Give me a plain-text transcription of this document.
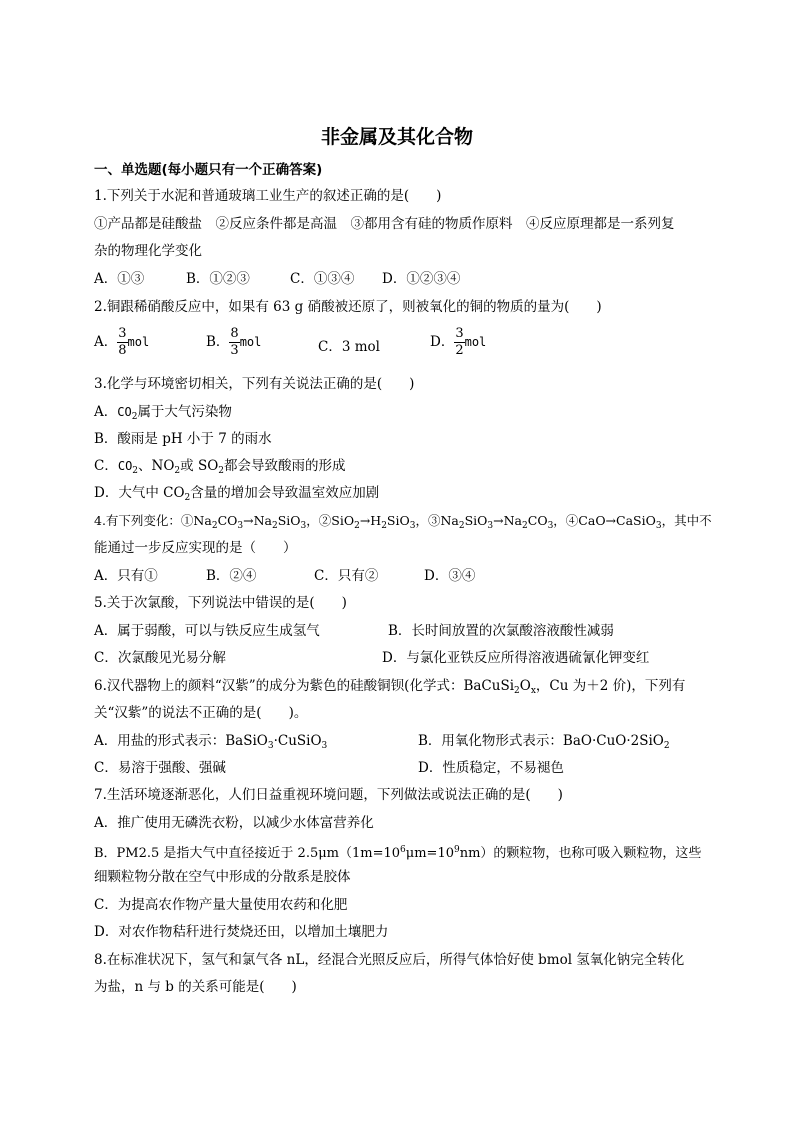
非金属及其化合物
一、单选题(每小题只有一个正确答案)
1.下列关于水泥和普通玻璃工业生产的叙述正确的是(　　)
①产品都是硅酸盐　②反应条件都是高温　③都用含有硅的物质作原料　④反应原理都是一系列复
杂的物理化学变化
A．①③	B．①②③	C．①③④ D．①②③④
2.铜跟稀硝酸反应中，如果有 63 g 硝酸被还原了，则被氧化的铜的物质的量为(　　)
A． $\frac{3}{8}$ mol	B． $\frac{8}{3}$ mol	C．3 mol	D． $\frac{3}{2}$ mol
3.化学与环境密切相关，下列有关说法正确的是(　　)
A．$CO_2$属于大气污染物
B．酸雨是 pH 小于 7 的雨水
C．$CO_2$、$NO_2$或 $SO_2$都会导致酸雨的形成
D．大气中 $CO_2$含量的增加会导致温室效应加剧
4.有下列变化：$①Na_2CO_3\to Na_2SiO_3$，$②SiO_2\to H_2SiO_3$，$③Na_2SiO_3\to Na_2CO_3$，④CaO→CaSiO$_3$，其中不
能通过一步反应实现的是（　　）
A．只有①	B．②④	C．只有②	D．③④
5.关于次氯酸，下列说法中错误的是(　　)
A．属于弱酸，可以与铁反应生成氢气	B．长时间放置的次氯酸溶液酸性减弱
C．次氯酸见光易分解	D．与氯化亚铁反应所得溶液遇硫氰化钾变红
6.汉代器物上的颜料“汉紫”的成分为紫色的硅酸铜钡(化学式：$BaCuSi_2O_x$，Cu 为＋2 价)，下列有
关“汉紫”的说法不正确的是(　　)。
A．用盐的形式表示：BaSiO$_3$·CuSiO$_3$	B．用氧化物形式表示：BaO·CuO·2SiO$_2$
C．易溶于强酸、强碱	D．性质稳定，不易褪色
7.生活环境逐渐恶化，人们日益重视环境问题，下列做法或说法正确的是(　　)
A．推广使用无磷洗衣粉，以减少水体富营养化
B．PM2.5 是指大气中直径接近于 $2.5\mu m(1m=10^6\mu m=10^9nm)$的颗粒物，也称可吸入颗粒物，这些
细颗粒物分散在空气中形成的分散系是胶体
C．为提高农作物产量大量使用农药和化肥
D．对农作物秸秆进行焚烧还田，以增加土壤肥力
8.在标准状况下，氢气和氯气各 nL，经混合光照反应后，所得气体恰好使 bmol 氢氧化钠完全转化
为盐，n 与 b 的关系可能是(　　)
